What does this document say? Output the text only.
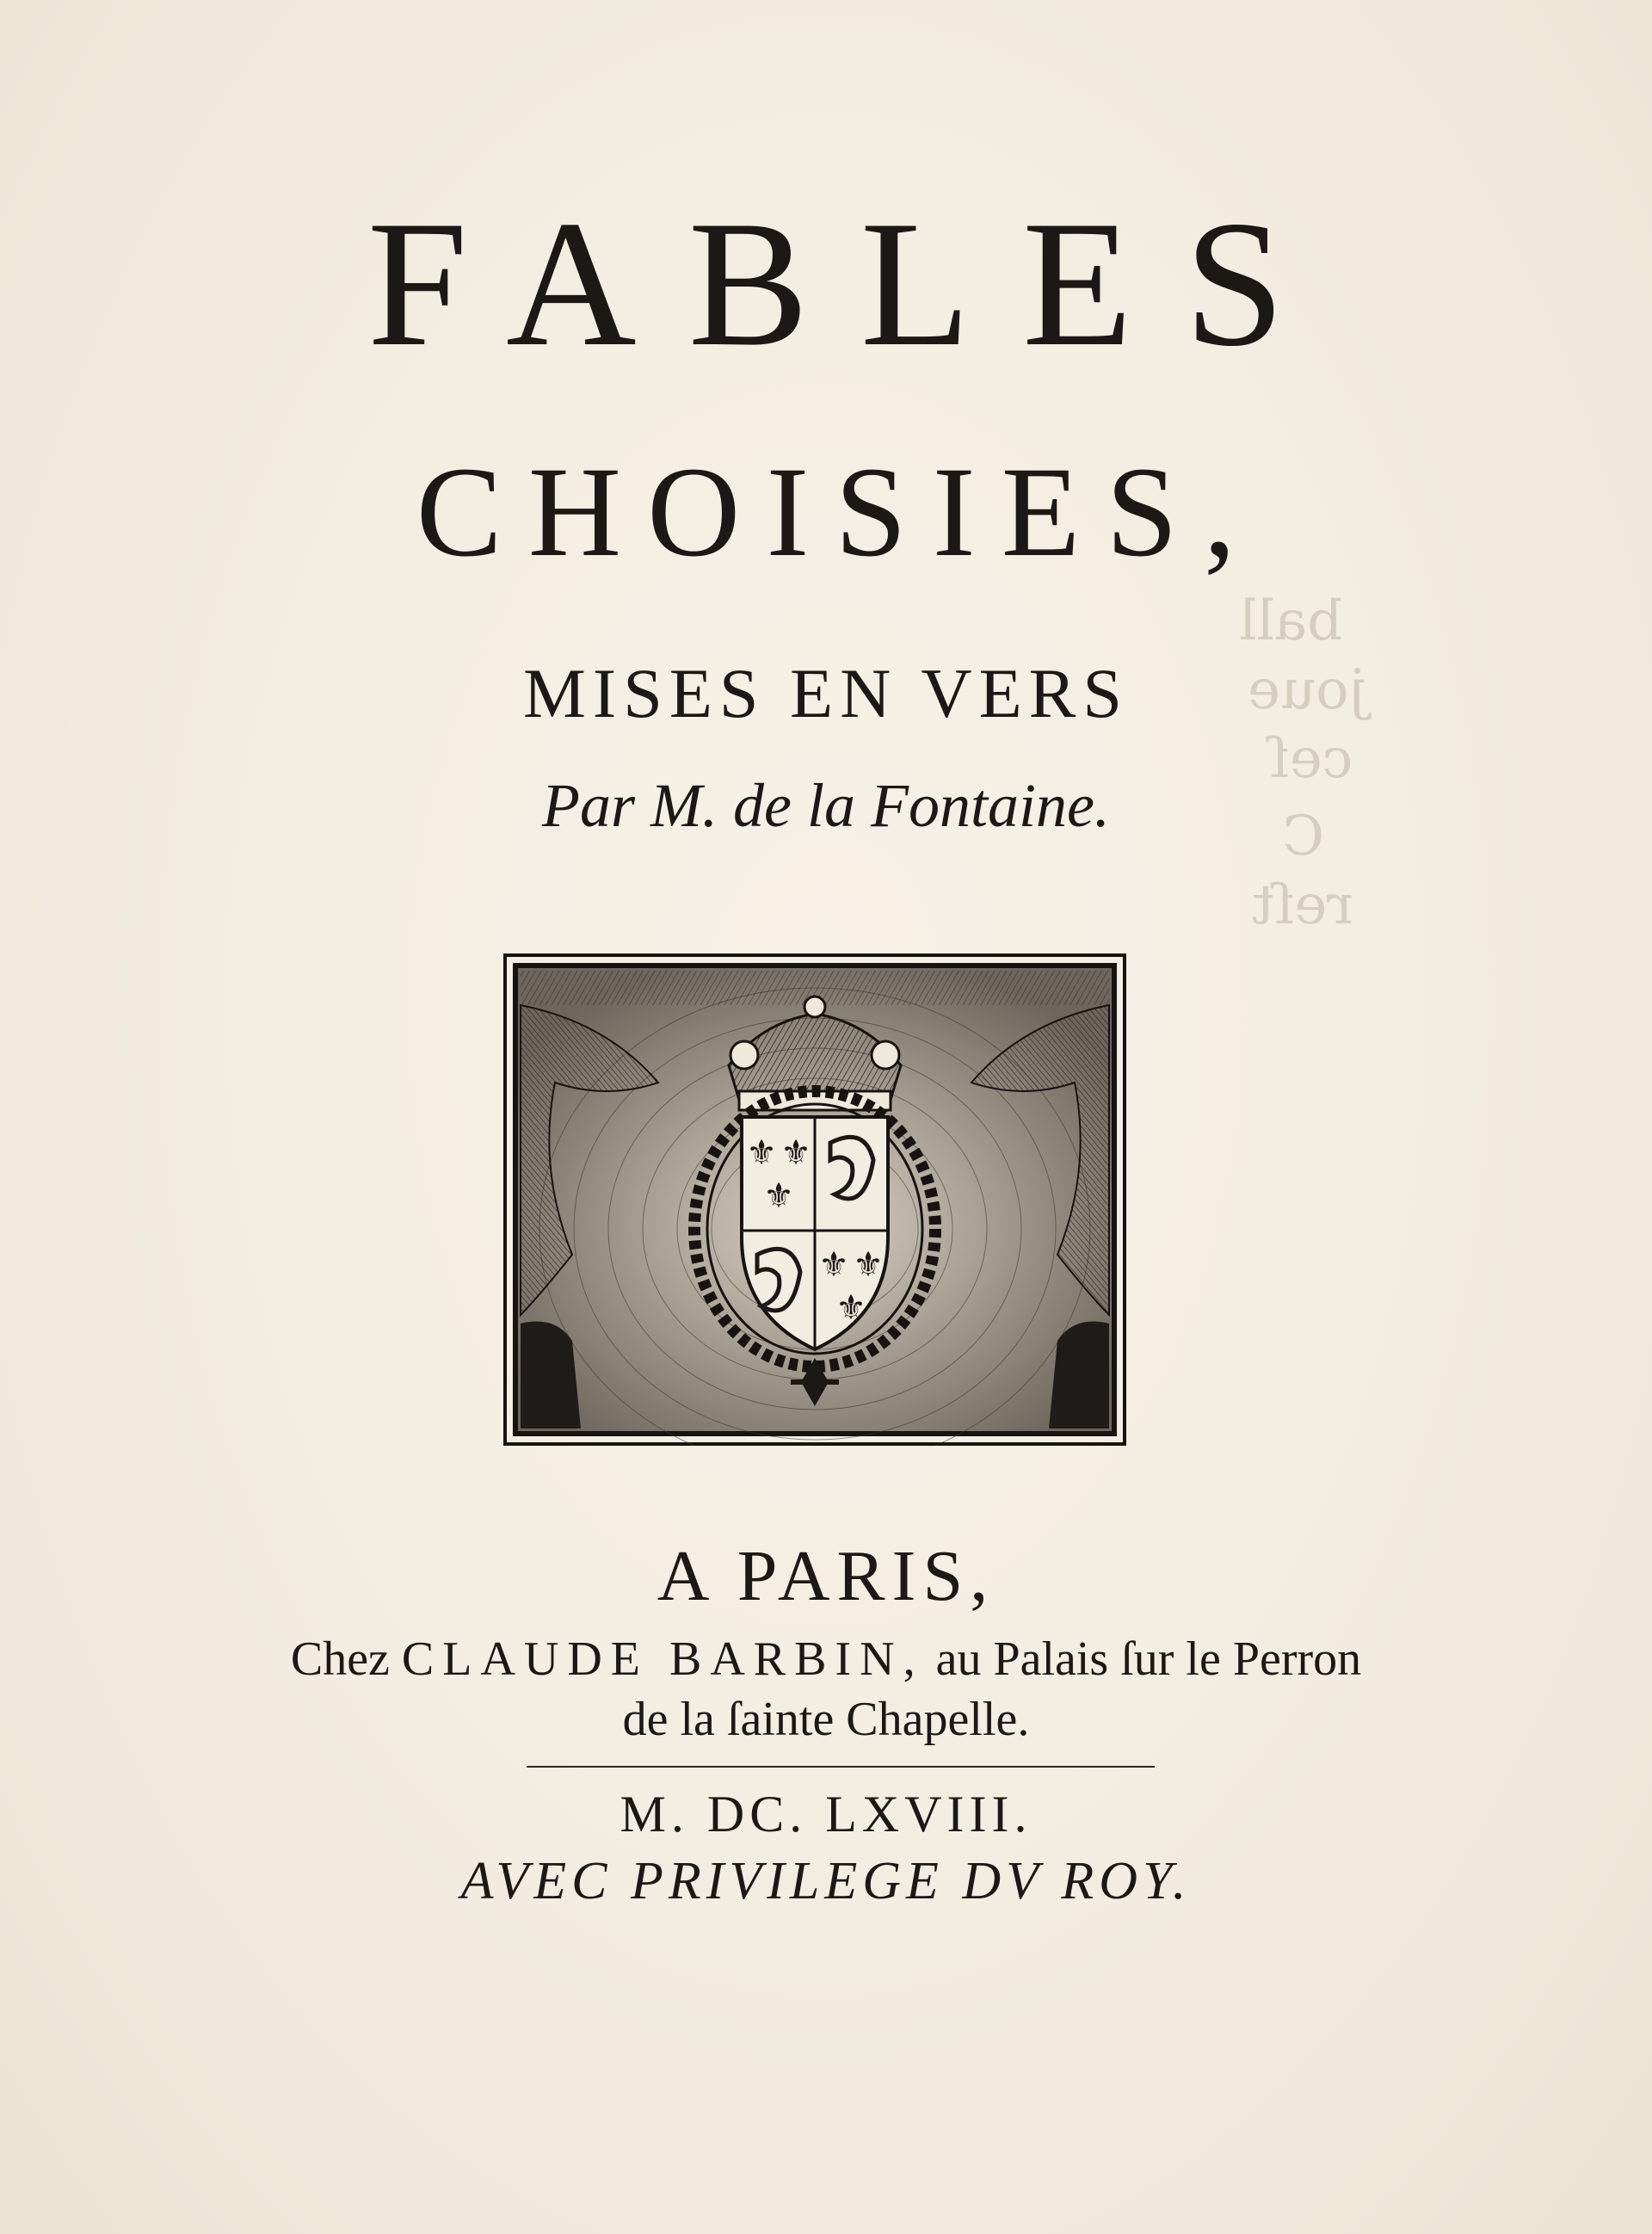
ball
joue
ceſ
C
reſt
FABLES
CHOISIES,
MISES EN VERS
Par M. de la Fontaine.
⚜ ⚜
⚜
⚜ ⚜
⚜
A PARIS,
Chez CLAUDE BARBIN, au Palais ſur le Perron
de la ſainte Chapelle.
M. DC. LXVIII.
AVEC PRIVILEGE DV ROY.
